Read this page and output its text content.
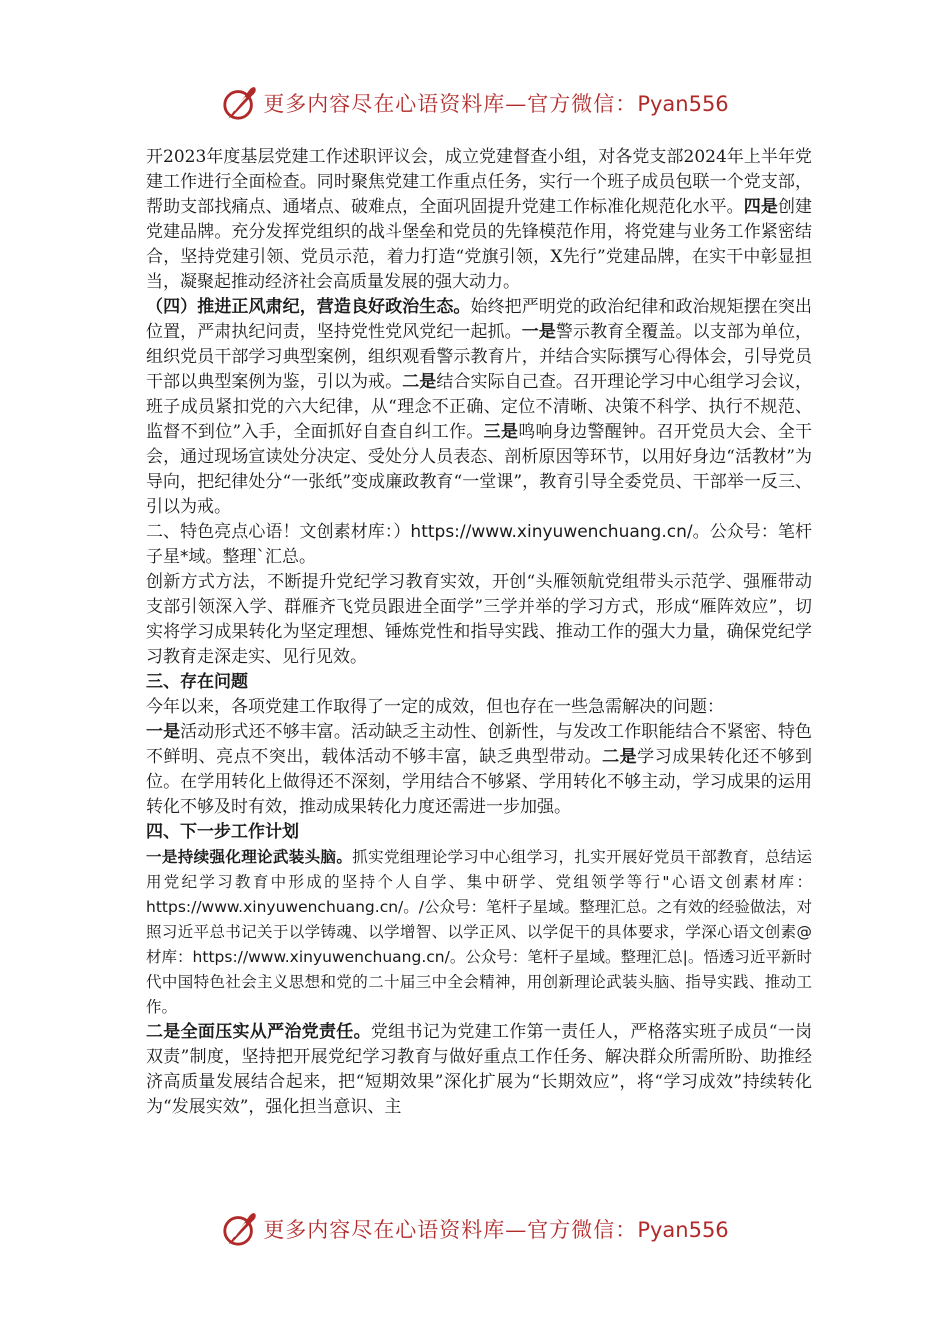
更多内容尽在心语资料库—官方微信：Pyan556

开2023年度基层党建工作述职评议会，成立党建督查小组，对各党支部2024年上半年党建工作进行全面检查。同时聚焦党建工作重点任务，实行一个班子成员包联一个党支部，帮助支部找痛点、通堵点、破难点，全面巩固提升党建工作标准化规范化水平。四是创建党建品牌。充分发挥党组织的战斗堡垒和党员的先锋模范作用，将党建与业务工作紧密结合，坚持党建引领、党员示范，着力打造“党旗引领，X先行”党建品牌，在实干中彰显担当，凝聚起推动经济社会高质量发展的强大动力。

（四）推进正风肃纪，营造良好政治生态。始终把严明党的政治纪律和政治规矩摆在突出位置，严肃执纪问责，坚持党性党风党纪一起抓。一是警示教育全覆盖。以支部为单位，组织党员干部学习典型案例，组织观看警示教育片，并结合实际撰写心得体会，引导党员干部以典型案例为鉴，引以为戒。二是结合实际自己查。召开理论学习中心组学习会议，班子成员紧扣党的六大纪律，从“理念不正确、定位不清晰、决策不科学、执行不规范、监督不到位”入手，全面抓好自查自纠工作。三是鸣响身边警醒钟。召开党员大会、全干会，通过现场宣读处分决定、受处分人员表态、剖析原因等环节，以用好身边“活教材”为导向，把纪律处分“一张纸”变成廉政教育“一堂课”，教育引导全委党员、干部举一反三、引以为戒。

二、特色亮点心语！文创素材库：）https://www.xinyuwenchuang.cn/。公众号：笔杆子星*域。整理`汇总。

创新方式方法，不断提升党纪学习教育实效，开创“头雁领航党组带头示范学、强雁带动支部引领深入学、群雁齐飞党员跟进全面学”三学并举的学习方式，形成“雁阵效应”，切实将学习成果转化为坚定理想、锤炼党性和指导实践、推动工作的强大力量，确保党纪学习教育走深走实、见行见效。

三、存在问题

今年以来，各项党建工作取得了一定的成效，但也存在一些急需解决的问题：

一是活动形式还不够丰富。活动缺乏主动性、创新性，与发改工作职能结合不紧密、特色不鲜明、亮点不突出，载体活动不够丰富，缺乏典型带动。二是学习成果转化还不够到位。在学用转化上做得还不深刻，学用结合不够紧、学用转化不够主动，学习成果的运用转化不够及时有效，推动成果转化力度还需进一步加强。

四、下一步工作计划

一是持续强化理论武装头脑。抓实党组理论学习中心组学习，扎实开展好党员干部教育，总结运用党纪学习教育中形成的坚持个人自学、集中研学、党组领学等行"心语文创素材库：https://www.xinyuwenchuang.cn/。/公众号：笔杆子星域。整理汇总。之有效的经验做法，对照习近平总书记关于以学铸魂、以学增智、以学正风、以学促干的具体要求，学深心语文创素@材库：https://www.xinyuwenchuang.cn/。公众号：笔杆子星域。整理汇总|。悟透习近平新时代中国特色社会主义思想和党的二十届三中全会精神，用创新理论武装头脑、指导实践、推动工作。

二是全面压实从严治党责任。党组书记为党建工作第一责任人，严格落实班子成员“一岗双责”制度，坚持把开展党纪学习教育与做好重点工作任务、解决群众所需所盼、助推经济高质量发展结合起来，把“短期效果”深化扩展为“长期效应”，将“学习成效”持续转化为“发展实效”，强化担当意识、主

更多内容尽在心语资料库—官方微信：Pyan556
